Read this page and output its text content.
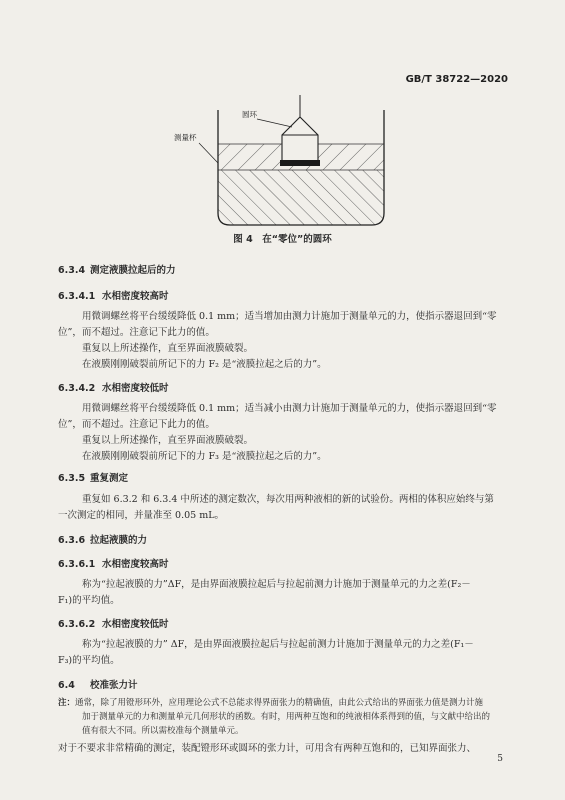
GB/T 38722—2020
圆环
测量杯
图 4　在“零位”的圆环
6.3.4 测定液膜拉起后的力
6.3.4.1 水相密度较高时
用微调螺丝将平台缓缓降低 0.1 mm；适当增加由测力计施加于测量单元的力，使指示器退回到“零
位”，而不超过。注意记下此力的值。
重复以上所述操作，直至界面液膜破裂。
在液膜刚刚破裂前所记下的力 F₂ 是“液膜拉起之后的力”。
6.3.4.2 水相密度较低时
用微调螺丝将平台缓缓降低 0.1 mm；适当减小由测力计施加于测量单元的力，使指示器退回到“零
位”，而不超过。注意记下此力的值。
重复以上所述操作，直至界面液膜破裂。
在液膜刚刚破裂前所记下的力 F₃ 是“液膜拉起之后的力”。
6.3.5 重复测定
重复如 6.3.2 和 6.3.4 中所述的测定数次，每次用两种液相的新的试验份。两相的体积应始终与第
一次测定的相同，并量准至 0.05 mL。
6.3.6 拉起液膜的力
6.3.6.1 水相密度较高时
称为“拉起液膜的力”ΔF，是由界面液膜拉起后与拉起前测力计施加于测量单元的力之差(F₂－
F₁)的平均值。
6.3.6.2 水相密度较低时
称为“拉起液膜的力” ΔF，是由界面液膜拉起后与拉起前测力计施加于测量单元的力之差(F₁－
F₃)的平均值。
6.4 校准张力计
注：通常，除了用镫形环外，应用理论公式不总能求得界面张力的精确值，由此公式给出的界面张力值是测力计施
加于测量单元的力和测量单元几何形状的函数。有时，用两种互饱和的纯液相体系得到的值，与文献中给出的
值有很大不同。所以需校准每个测量单元。
对于不要求非常精确的测定，装配镫形环或圆环的张力计，可用含有两种互饱和的，已知界面张力、
5
